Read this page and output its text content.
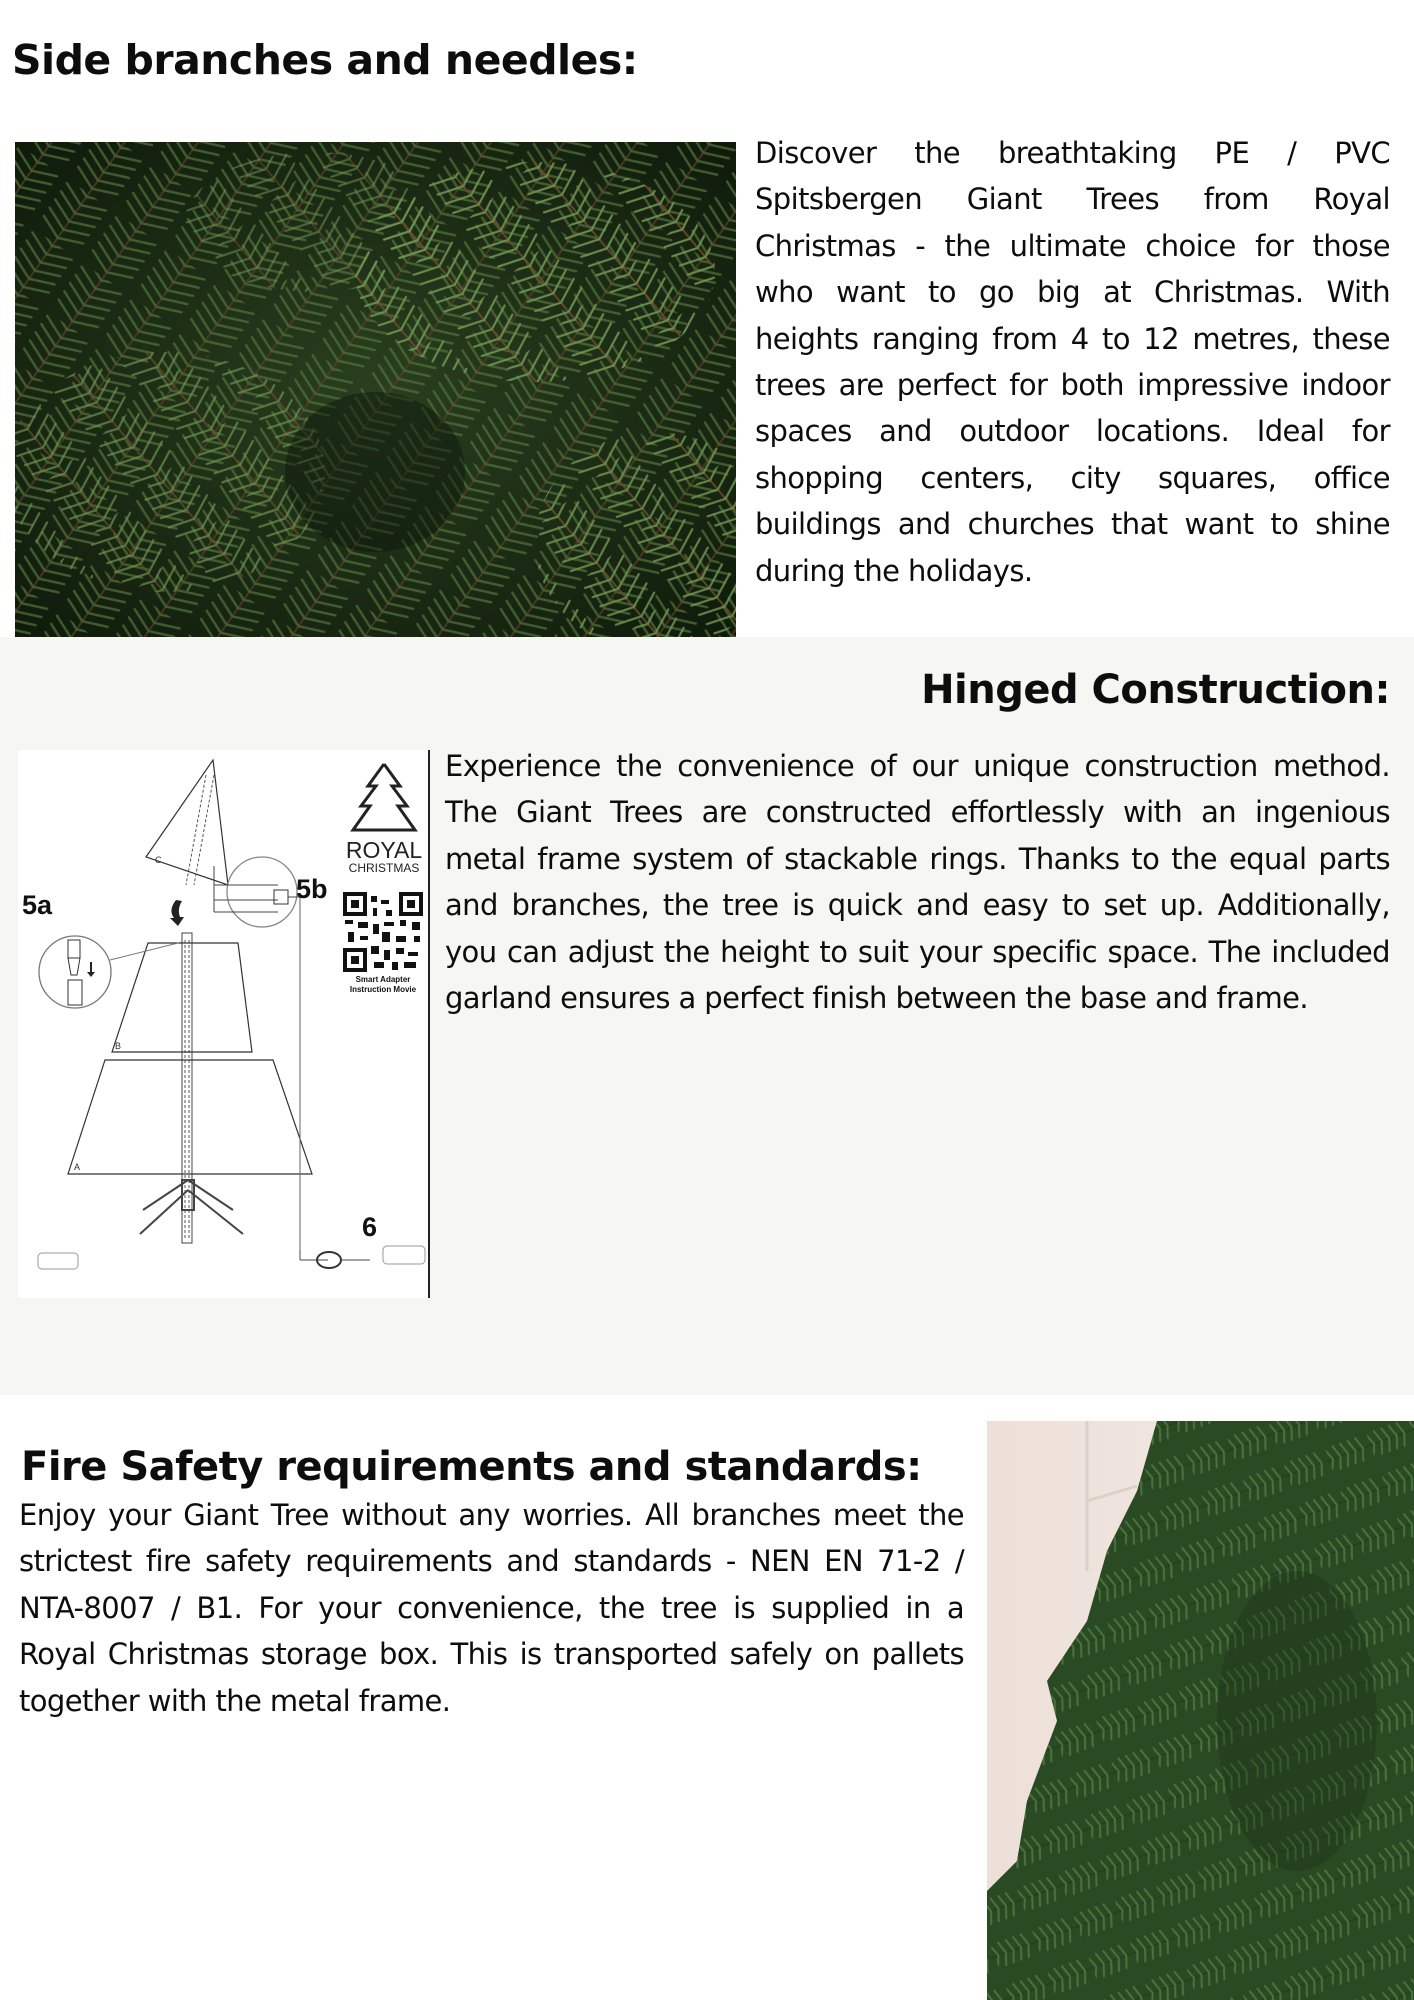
Side branches and needles:

Discover the breathtaking PE / PVC Spitsbergen Giant Trees from Royal Christmas - the ultimate choice for those who want to go big at Christmas. With heights ranging from 4 to 12 metres, these trees are perfect for both impressive indoor spaces and outdoor locations. Ideal for shopping centers, city squares, office buildings and churches that want to shine during the holidays.

Hinged Construction:
C
B
A
5a
5b
6
ROYAL
CHRISTMAS
Smart Adapter
Instruction Movie

Experience the convenience of our unique construction method. The Giant Trees are constructed effortlessly with an ingenious metal frame system of stackable rings. Thanks to the equal parts and branches, the tree is quick and easy to set up. Additionally, you can adjust the height to suit your specific space. The included garland ensures a perfect finish between the base and frame.

Fire Safety requirements and standards:

Enjoy your Giant Tree without any worries. All branches meet the strictest fire safety requirements and standards - NEN EN 71-2 / NTA-8007 / B1. For your convenience, the tree is supplied in a Royal Christmas storage box. This is transported safely on pallets together with the metal frame.
